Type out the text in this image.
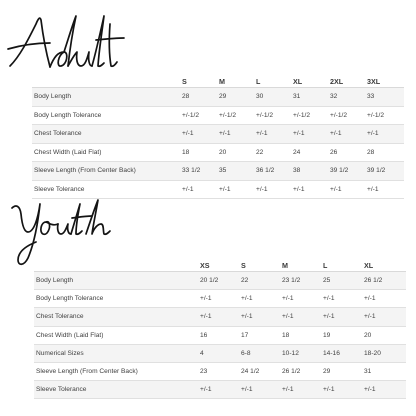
	S	M	L	XL	2XL	3XL
Body Length	28	29	30	31	32	33
Body Length Tolerance	+/-1/2	+/-1/2	+/-1/2	+/-1/2	+/-1/2	+/-1/2
Chest Tolerance	+/-1	+/-1	+/-1	+/-1	+/-1	+/-1
Chest Width (Laid Flat)	18	20	22	24	26	28
Sleeve Length (From Center Back)	33 1/2	35	36 1/2	38	39 1/2	39 1/2
Sleeve Tolerance	+/-1	+/-1	+/-1	+/-1	+/-1	+/-1
	XS	S	M	L	XL
Body Length	20 1/2	22	23 1/2	25	26 1/2
Body Length Tolerance	+/-1	+/-1	+/-1	+/-1	+/-1
Chest Tolerance	+/-1	+/-1	+/-1	+/-1	+/-1
Chest Width (Laid Flat)	16	17	18	19	20
Numerical Sizes	4	6-8	10-12	14-16	18-20
Sleeve Length (From Center Back)	23	24 1/2	26 1/2	29	31
Sleeve Tolerance	+/-1	+/-1	+/-1	+/-1	+/-1
